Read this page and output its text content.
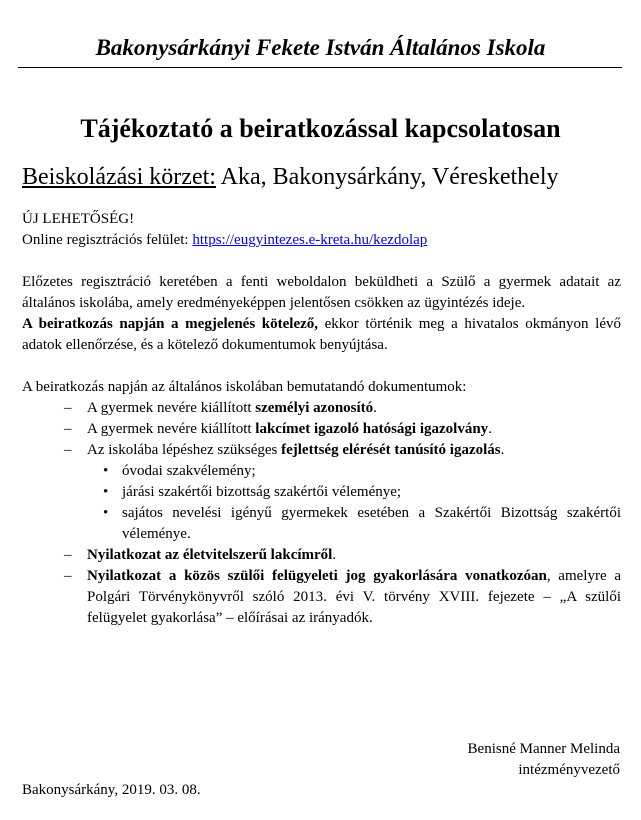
Bakonysárkányi Fekete István Általános Iskola
Tájékoztató a beiratkozással kapcsolatosan
Beiskolázási körzet: Aka, Bakonysárkány, Véreskethely

ÚJ LEHETŐSÉG!

Online regisztrációs felület: https://eugyintezes.e-kreta.hu/kezdolap

Előzetes regisztráció keretében a fenti weboldalon beküldheti a Szülő a gyermek adatait az általános iskolába, amely eredményeképpen jelentősen csökken az ügyintézés ideje.

A beiratkozás napján a megjelenés kötelező, ekkor történik meg a hivatalos okmányon lévő adatok ellenőrzése, és a kötelező dokumentumok benyújtása.

A beiratkozás napján az általános iskolában bemutatandó dokumentumok:

– A gyermek nevére kiállított személyi azonosító.
– A gyermek nevére kiállított lakcímet igazoló hatósági igazolvány.
– Az iskolába lépéshez szükséges fejlettség elérését tanúsító igazolás.
• óvodai szakvélemény;
• járási szakértői bizottság szakértői véleménye;
• sajátos nevelési igényű gyermekek esetében a Szakértői Bizottság szakértői véleménye.
– Nyilatkozat az életvitelszerű lakcímről.
– Nyilatkozat a közös szülői felügyeleti jog gyakorlására vonatkozóan, amelyre a Polgári Törvénykönyvről szóló 2013. évi V. törvény XVIII. fejezete – „A szülői felügyelet gyakorlása” – előírásai az irányadók.
Benisné Manner Melinda
intézményvezető
Bakonysárkány, 2019. 03. 08.
